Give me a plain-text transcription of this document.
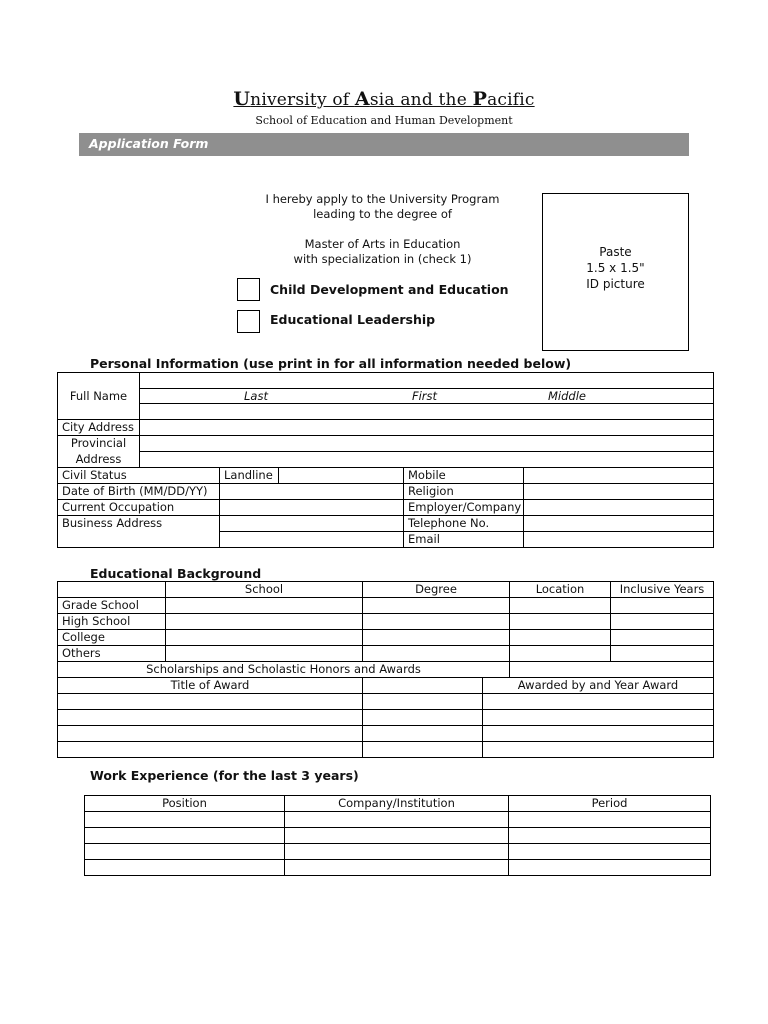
University of Asia and the Pacific
School of Education and Human Development
Application Form
I hereby apply to the University Program
leading to the degree of
Master of Arts in Education
with specialization in (check 1)
Child Development and Education
Educational Leadership
Paste
1.5 x 1.5"
ID picture
Personal Information (use print in for all information needed below)
Full Name					

	Last First Middle				

City Address					
Provincial					
Address					
Civil Status		Landline		Mobile	
Date of Birth (MM/DD/YY)				Religion	
Current Occupation				Employer/Company	
Business Address				Telephone No.	
				Email	
Educational Background
	School	Degree		Location	Inclusive Years
Grade School					
High School					
College					
Others					
Scholarships and Scholastic Honors and Awards					
Title of Award			Awarded by and Year Award		

Work Experience (for the last 3 years)
Position	Company/Institution	Period
